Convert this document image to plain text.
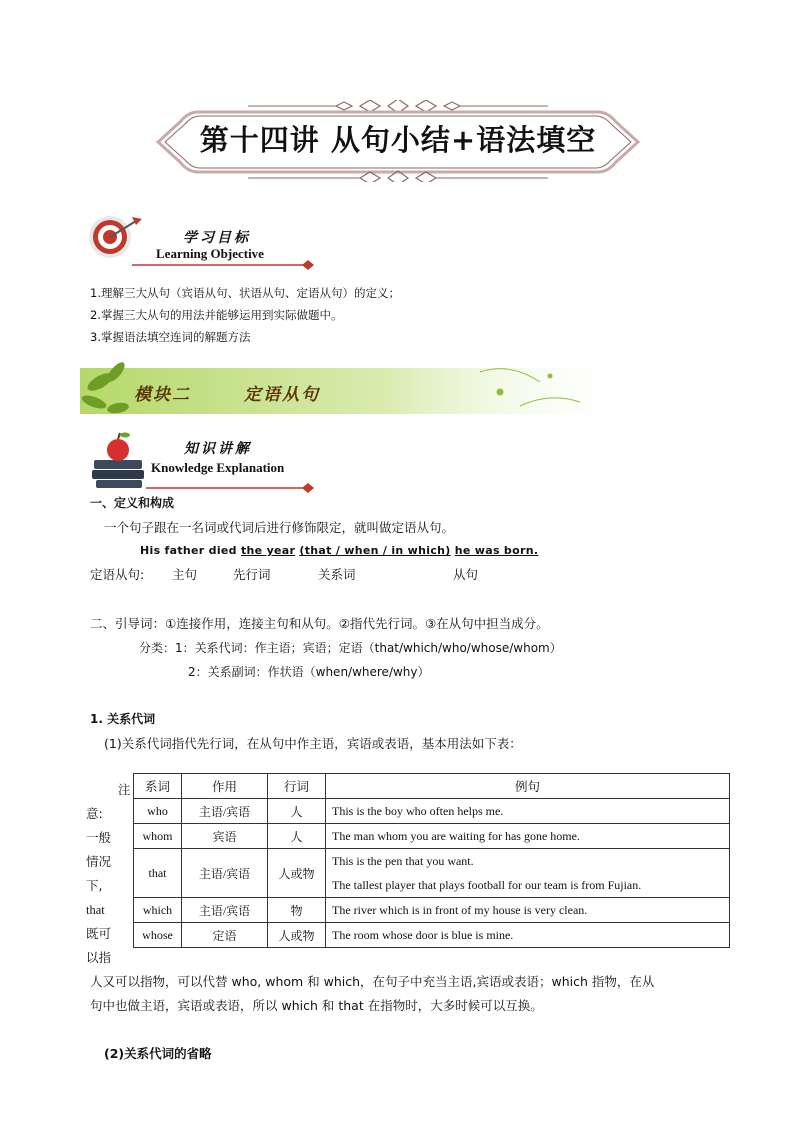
第十四讲 从句小结+语法填空
学习目标
Learning Objective
1.理解三大从句（宾语从句、状语从句、定语从句）的定义；
2.掌握三大从句的用法并能够运用到实际做题中。
3.掌握语法填空连词的解题方法
模块二	定语从句
知识讲解
Knowledge Explanation
一、定义和构成
一个句子跟在一名词或代词后进行修饰限定，就叫做定语从句。
His father died the year (that / when / in which) he was born.
定语从句: 主句	先行词	关系词	从句
二、引导词：①连接作用，连接主句和从句。②指代先行词。③在从句中担当成分。
分类：1：关系代词：作主语；宾语；定语（that/which/who/whose/whom）
2：关系副词：作状语（when/where/why）
1. 关系代词
(1)关系代词指代先行词，在从句中作主语，宾语或表语，基本用法如下表：
注
意:
一般
情况
下,
that
既可
以指
系词	作用	行词	例句
who	主语/宾语	人	This is the boy who often helps me.
whom	宾语	人	The man whom you are waiting for has gone home.
that	主语/宾语	人或物	This is the pen that you want.
The tallest player that plays football for our team is from Fujian.

which	主语/宾语	物	The river which is in front of my house is very clean.
whose	定语	人或物	The room whose door is blue is mine.
人又可以指物，可以代替 who, whom 和 which，在句子中充当主语,宾语或表语；which 指物，在从
句中也做主语，宾语或表语，所以 which 和 that 在指物时，大多时候可以互换。
(2)关系代词的省略
